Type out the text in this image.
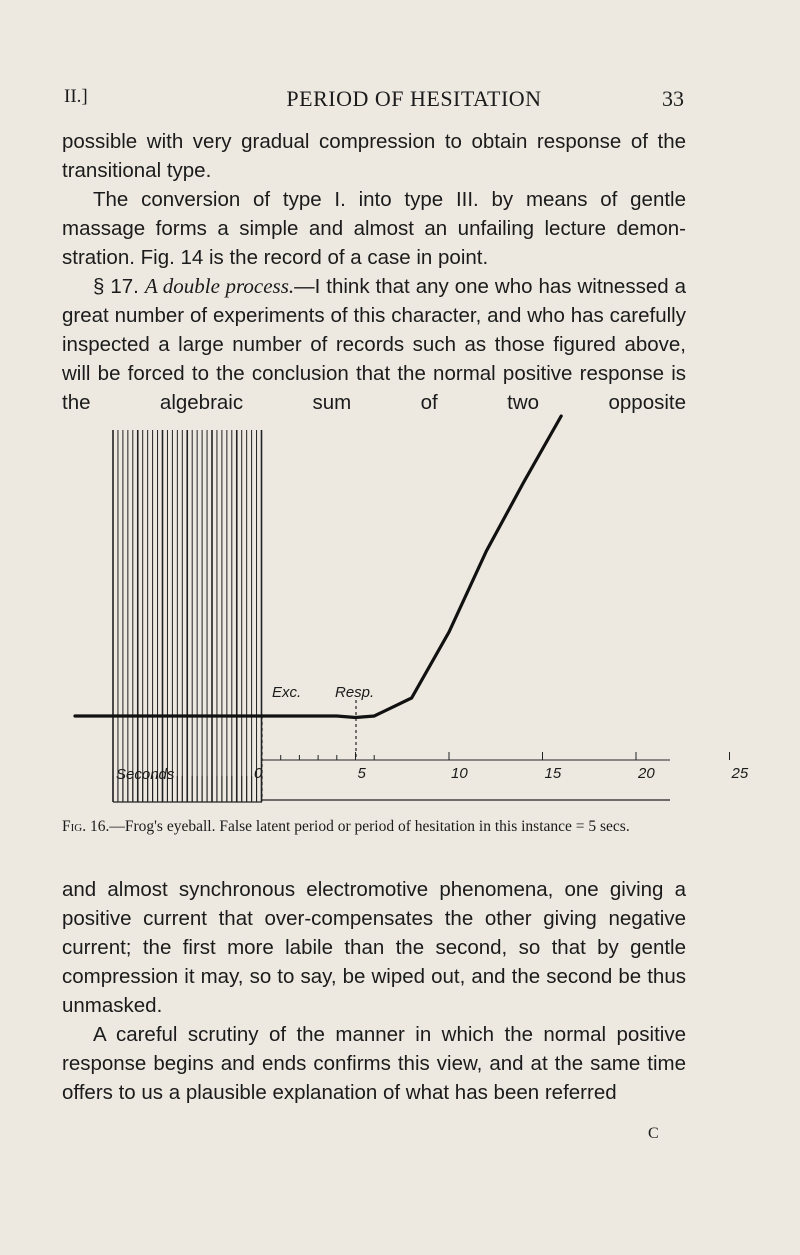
II.]	PERIOD OF HESITATION	33

possible with very gradual compression to obtain response of the transitional type.

The conversion of type I. into type III. by means of gentle massage forms a simple and almost an unfailing lecture demonstration. Fig. 14 is the record of a case in point.

§ 17. A double process.—I think that any one who has witnessed a great number of experiments of this character, and who has carefully inspected a large number of records such as those figured above, will be forced to the conclusion that the normal positive response is the algebraic sum of two opposite

Exc. Resp.
Seconds	0	5	10	15	20	25

Fig. 16.—Frog's eyeball. False latent period or period of hesitation in this instance = 5 secs.

and almost synchronous electromotive phenomena, one giving a positive current that over-compensates the other giving negative current; the first more labile than the second, so that by gentle compression it may, so to say, be wiped out, and the second be thus unmasked.

A careful scrutiny of the manner in which the normal positive response begins and ends confirms this view, and at the same time offers to us a plausible explanation of what has been referred

C
